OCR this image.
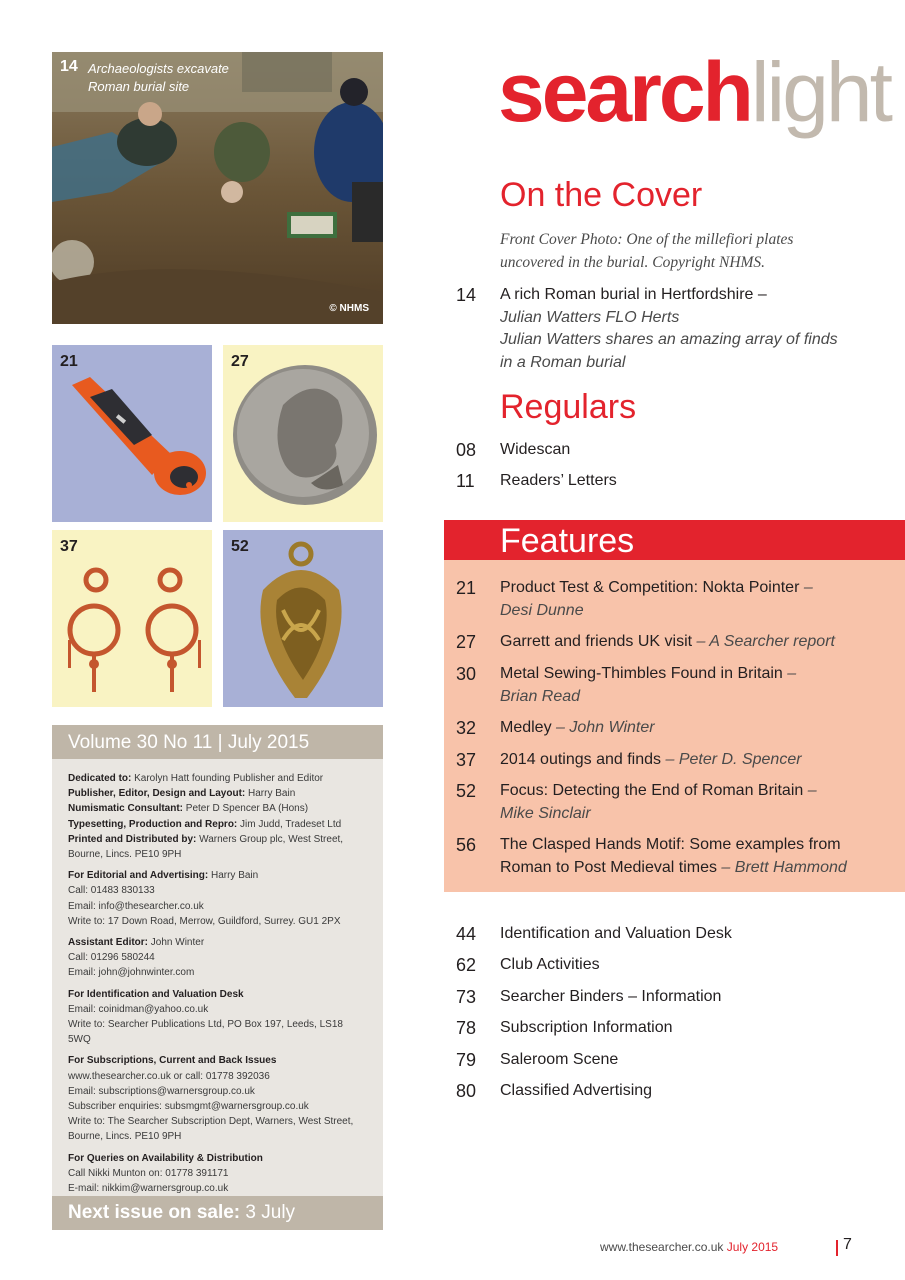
14 Archaeologists excavate
Roman burial site
© NHMS
21	27
37	52
Volume 30 No 11 | July 2015

Dedicated to: Karolyn Hatt founding Publisher and Editor
Publisher, Editor, Design and Layout: Harry Bain
Numismatic Consultant: Peter D Spencer BA (Hons)
Typesetting, Production and Repro: Jim Judd, Tradeset Ltd
Printed and Distributed by: Warners Group plc, West Street, Bourne, Lincs. PE10 9PH

For Editorial and Advertising: Harry Bain
Call: 01483 830133
Email: info@thesearcher.co.uk
Write to: 17 Down Road, Merrow, Guildford, Surrey. GU1 2PX

Assistant Editor: John Winter
Call: 01296 580244
Email: john@johnwinter.com

For Identification and Valuation Desk
Email: coinidman@yahoo.co.uk
Write to: Searcher Publications Ltd, PO Box 197, Leeds, LS18 5WQ

For Subscriptions, Current and Back Issues
www.thesearcher.co.uk or call: 01778 392036
Email: subscriptions@warnersgroup.co.uk
Subscriber enquiries: subsmgmt@warnersgroup.co.uk
Write to: The Searcher Subscription Dept, Warners, West Street, Bourne, Lincs. PE10 9PH

For Queries on Availability & Distribution
Call Nikki Munton on: 01778 391171
E-mail: nikkim@warnersgroup.co.uk

Next issue on sale: 3 July
searchlight
On the Cover
Front Cover Photo: One of the millefiori plates
uncovered in the burial. Copyright NHMS.
14 A rich Roman burial in Hertfordshire –
Julian Watters FLO Herts
Julian Watters shares an amazing array of finds
in a Roman burial
Regulars
08 Widescan
11 Readers’ Letters
Features
21 Product Test & Competition: Nokta Pointer –
Desi Dunne
27 Garrett and friends UK visit – A Searcher report
30 Metal Sewing-Thimbles Found in Britain –
Brian Read
32 Medley – John Winter
37 2014 outings and finds – Peter D. Spencer
52 Focus: Detecting the End of Roman Britain –
Mike Sinclair
56 The Clasped Hands Motif: Some examples from Roman to Post Medieval times – Brett Hammond
44 Identification and Valuation Desk
62 Club Activities
73 Searcher Binders – Information
78 Subscription Information
79 Saleroom Scene
80 Classified Advertising
www.thesearcher.co.uk July 2015	7
